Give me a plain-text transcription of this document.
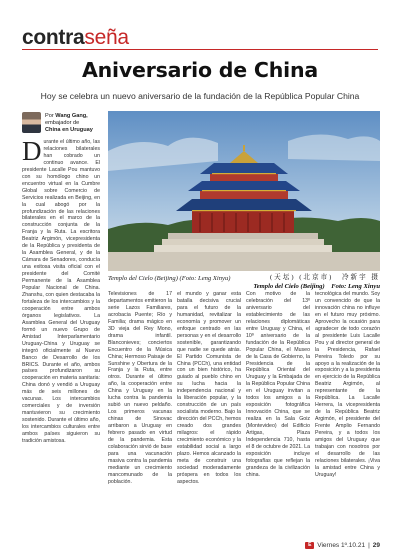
contra seña
Aniversario de China

Hoy se celebra un nuevo aniversario de la fundación de la República Popular China

Por Wang Gang,
embajador de
China en Uruguay
Templo del Cielo (Beijing) (Foto: Leng Xinyu)	(天坛) (北京市)　冷新宇 摄
Templo del Cielo (Beijing)　Foto: Leng Xinyu
Durante el último año, las relaciones bilaterales han cobrado un continuo avance. El presidente Lacalle Pou mantuvo con su homólogo chino un encuentro virtual en la Cumbre Global sobre Comercio de Servicios realizada en Beijing, en la cual abogó por la profundización de las relaciones bilaterales en el marco de la construcción conjunta de la Franja y la Ruta. La escritora Beatriz Argimón, vicepresidenta de la República y presidenta de la Asamblea General, y de la Cámara de Senadores, conducía una exitosa visita oficial con el presidente del Comité Permanente de la Asamblea Popular Nacional de China. Zhanshu, con quien destacaba la fortaleza de los intercambios y la cooperación entre ambos órganos legislativos. La Asamblea General del Uruguay formó un nuevo Grupo de Amistad Interparlamentario Uruguay-China y Uruguay se integró oficialmente al Nuevo Banco de Desarrollo de los BRICS. Durante el año, ambos países profundizaron su cooperación en materia sanitaria: China donó y vendió a Uruguay más de seis millones de vacunas. Los intercambios comerciales y de inversión mantuvieron su crecimiento sostenido. Durante el último año, los intercambios culturales entre ambos países siguieron su tradición amistosa.
Televisiones de 17 departamentos emitieron la serie Lazos Familiares, acrobacia Puente; Río y Familia; drama mágico en 3D vieja del Rey Mono, drama infantil. Blanconieves; conciertos Encuentro de la Música China; Hermoso Paisaje de Sunshine y Obertura de la Franja y la Ruta, entre otros. Durante el último año, la cooperación entre China y Uruguay en la lucha contra la pandemia subió un nuevo peldaño. Los primeros vacunas chinas de Sinovac arribaron a Uruguay en febrero pasado en virtud de la pandemia. Esta colaboración sirvió de base para una vacunación masiva contra la pandemia mediante un crecimiento mancomunado de la población.
el mundo y ganar esta batalla decisiva crucial para el futuro de la humanidad, revitalizar la economía y promover un enfoque centrado en las personas y en el desarrollo sostenible, garantizando que nadie se quede atrás. El Partido Comunista de China (PCCh), una entidad con un bien histórico, ha guiado al pueblo chino en su lucha hacia la independencia nacional y la liberación popular, y la construcción de un país socialista moderno. Bajo la dirección del PCCh, hemos creado dos grandes milagros: el rápido crecimiento económico y la estabilidad social a largo plazo. Hemos alcanzado la meta de construir una sociedad moderadamente próspera en todos los aspectos.
Con motivo de la celebración del 13º aniversario del establecimiento de las relaciones diplomáticas entre Uruguay y China, el 10º aniversario de la fundación de la República Popular China, el Museo de la Casa de Gobierno, la Presidencia de la República Oriental del Uruguay y la Embajada de la República Popular China en el Uruguay invitan a todos los amigos a la exposición fotográfica Innovación China, que se realiza en la Sala Goiz (Montevideo) del Edificio Artigas, Plaza Independencia 710, hasta el 8 de octubre de 2021. La exposición incluye fotografías que reflejan la grandeza de la civilización china.
tecnológica del mundo. Soy un convencido de que la innovación china no influye en el futuro muy próximo. Aprovecho la ocasión para agradecer de todo corazón al presidente Luis Lacalle Pou y al director general de la Presidencia, Rafael Pereira Toledo por su apoyo a la realización de la exposición y a la presidenta en ejercicio de la República Beatriz Argimón, al representante de la República. La Lacalle Herrera, la vicepresidenta de la República Beatriz Argimón, el presidente del Frente Amplio Fernando Pereira, y a todos los amigos del Uruguay que trabajan con nosotros por el desarrollo de las relaciones bilaterales. ¡Viva la amistad entre China y Uruguay!
E Viernes 1º.10.21 | 29
